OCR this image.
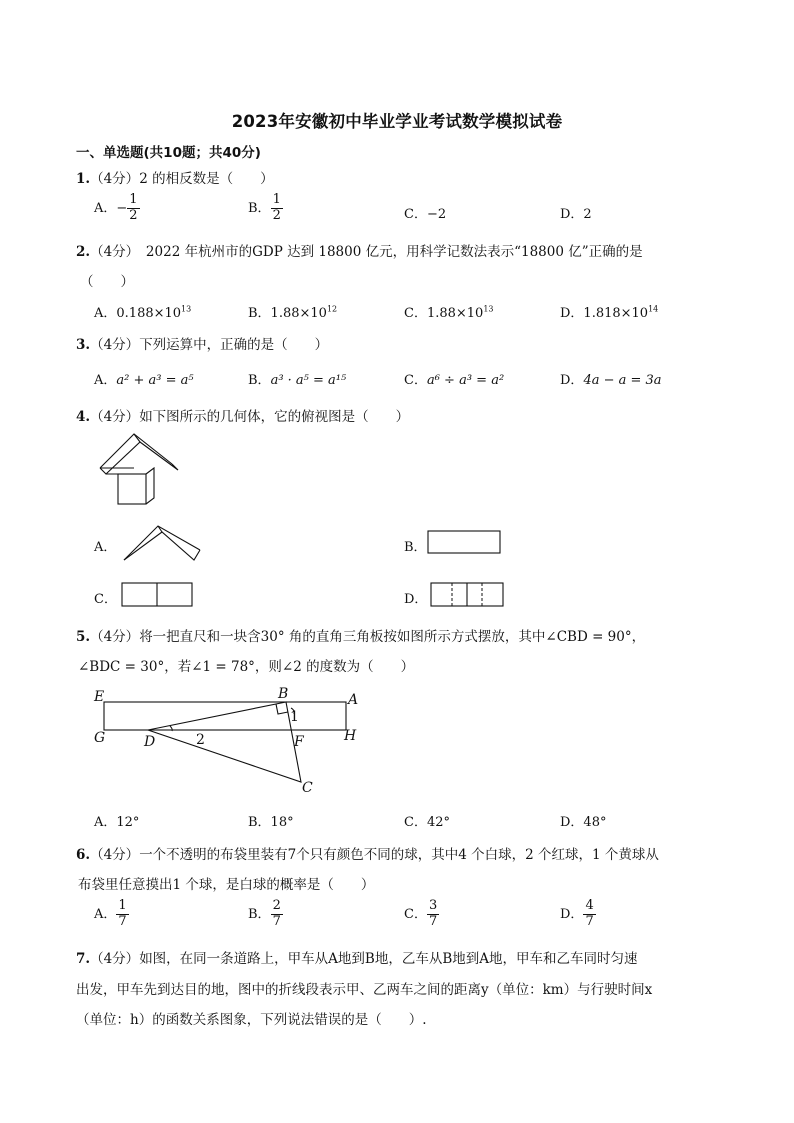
2023年安徽初中毕业学业考试数学模拟试卷
一、单选题(共10题；共40分)
1.（4分）2 的相反数是（　　）
A．− $\frac{1}{2}$	B． $\frac{1}{2}$	C．−2	D．2
2.（4分）　2022 年杭州市的GDP 达到 18800 亿元，用科学记数法表示“18800 亿”正确的是
（　　）
A．$0.188\times 10^{13}$	B．$1.88\times 10^{12}$	C．$1.88\times 10^{13}$	D．$1.818\times 10^{14}$
3.（4分）下列运算中，正确的是（　　）
A．a² + a³ = a⁵	B．a³ · a⁵ = a¹⁵	C．a⁶ ÷ a³ = a²	D．4a − a = 3a
4.（4分）如下图所示的几何体，它的俯视图是（　　）
A．	B．
C．	D．
5.（4分）将一把直尺和一块含30° 角的直角三角板按如图所示方式摆放，其中∠CBD = 90°，
∠BDC = 30°，若∠1 = 78°，则∠2 的度数为（　　）
E	B	A
G	D	H
F
C
1
2
A．12°	B．18°	C．42°	D．48°
6.（4分）一个不透明的布袋里装有7个只有颜色不同的球，其中4 个白球，2 个红球，1 个黄球从
布袋里任意摸出1 个球，是白球的概率是（　　）
A． $\frac{1}{7}$	B． $\frac{2}{7}$	C． $\frac{3}{7}$	D． $\frac{4}{7}$
7.（4分）如图，在同一条道路上，甲车从A地到B地，乙车从B地到A地，甲车和乙车同时匀速
出发，甲车先到达目的地，图中的折线段表示甲、乙两车之间的距离y（单位：km）与行驶时间x
（单位：h）的函数关系图象，下列说法错误的是（　　）.
